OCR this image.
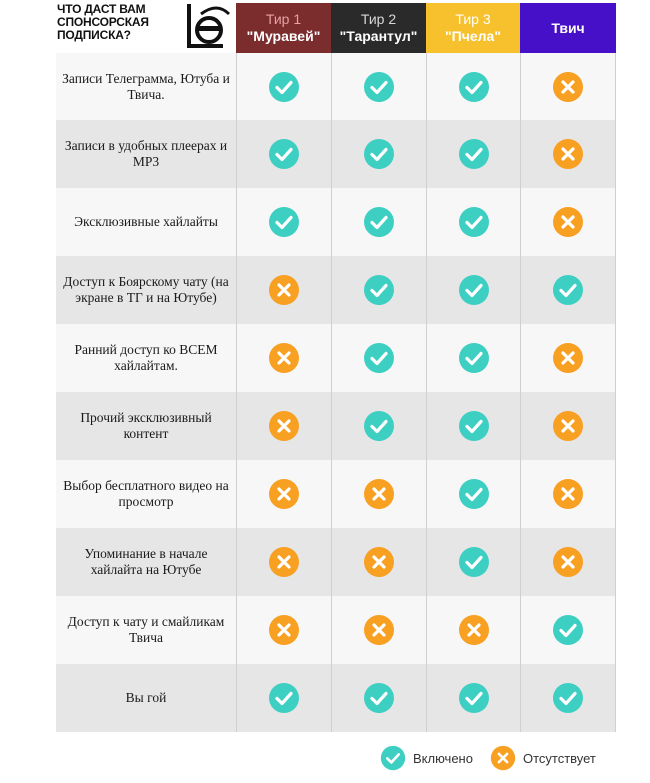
ЧТО ДАСТ ВАМ СПОНСОРСКАЯ ПОДПИСКА?
Тир 1
"Муравей"
Тир 2
"Тарантул"
Тир 3
"Пчела"	Твич
Записи Телеграмма, Ютуба и Твича.
Записи в удобных плеерах и MP3
Эксклюзивные хайлайты
Доступ к Боярскому чату (на экране в ТГ и на Ютубе)
Ранний доступ ко ВСЕМ хайлайтам.
Прочий эксклюзивный контент
Выбор бесплатного видео на просмотр
Упоминание в начале хайлайта на Ютубе
Доступ к чату и смайликам Твича
Вы гой
Включено	Отсутствует
